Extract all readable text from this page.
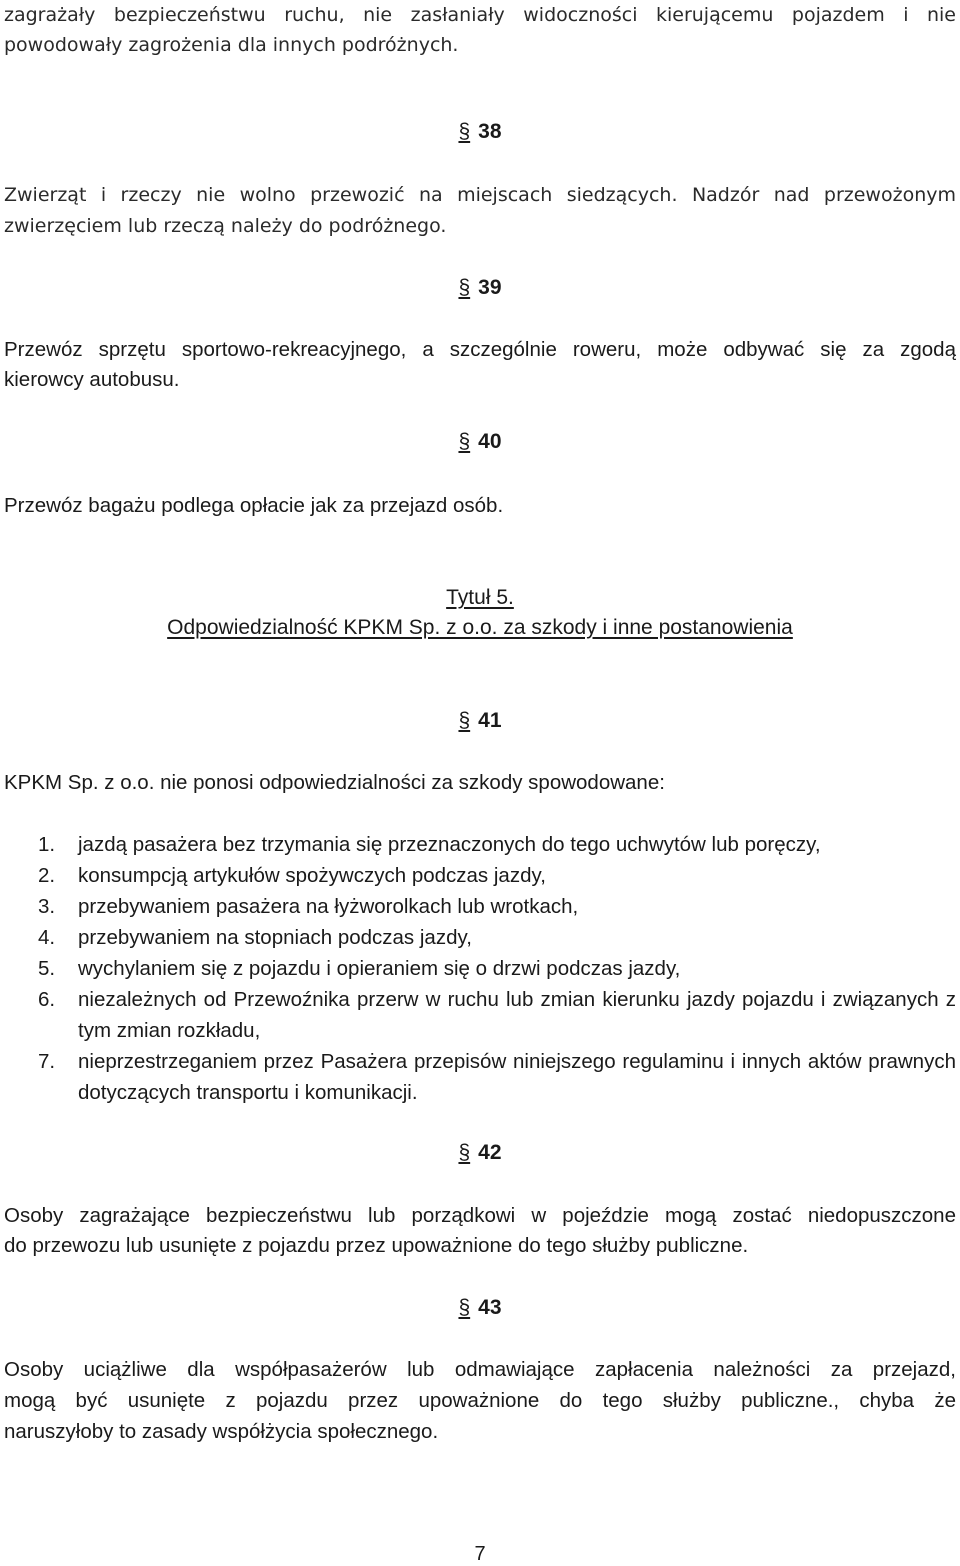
zagrażały bezpieczeństwu ruchu, nie zasłaniały widoczności kierującemu pojazdem i nie
powodowały zagrożenia dla innych podróżnych.
§ 38
Zwierząt i rzeczy nie wolno przewozić na miejscach siedzących. Nadzór nad przewożonym
zwierzęciem lub rzeczą należy do podróżnego.
§ 39
Przewóz sprzętu sportowo-rekreacyjnego, a szczególnie roweru, może odbywać się za zgodą
kierowcy autobusu.
§ 40
Przewóz bagażu podlega opłacie jak za przejazd osób.
Tytuł 5.
Odpowiedzialność KPKM Sp. z o.o. za szkody i inne postanowienia
§ 41
KPKM Sp. z o.o. nie ponosi odpowiedzialności za szkody spowodowane:
1.	jazdą pasażera bez trzymania się przeznaczonych do tego uchwytów lub poręczy,
2.	konsumpcją artykułów spożywczych podczas jazdy,
3.	przebywaniem pasażera na łyżworolkach lub wrotkach,
4.	przebywaniem na stopniach podczas jazdy,
5.	wychylaniem się z pojazdu i opieraniem się o drzwi podczas jazdy,
6.	niezależnych od Przewoźnika przerw w ruchu lub zmian kierunku jazdy pojazdu i związanych z tym zmian rozkładu,
7.	nieprzestrzeganiem przez Pasażera przepisów niniejszego regulaminu i innych aktów prawnych dotyczących transportu i komunikacji.
§ 42
Osoby zagrażające bezpieczeństwu lub porządkowi w pojeździe mogą zostać niedopuszczone
do przewozu lub usunięte z pojazdu przez upoważnione do tego służby publiczne.
§ 43
Osoby uciążliwe dla współpasażerów lub odmawiające zapłacenia należności za przejazd,
mogą być usunięte z pojazdu przez upoważnione do tego służby publiczne., chyba że
naruszyłoby to zasady współżycia społecznego.
7
